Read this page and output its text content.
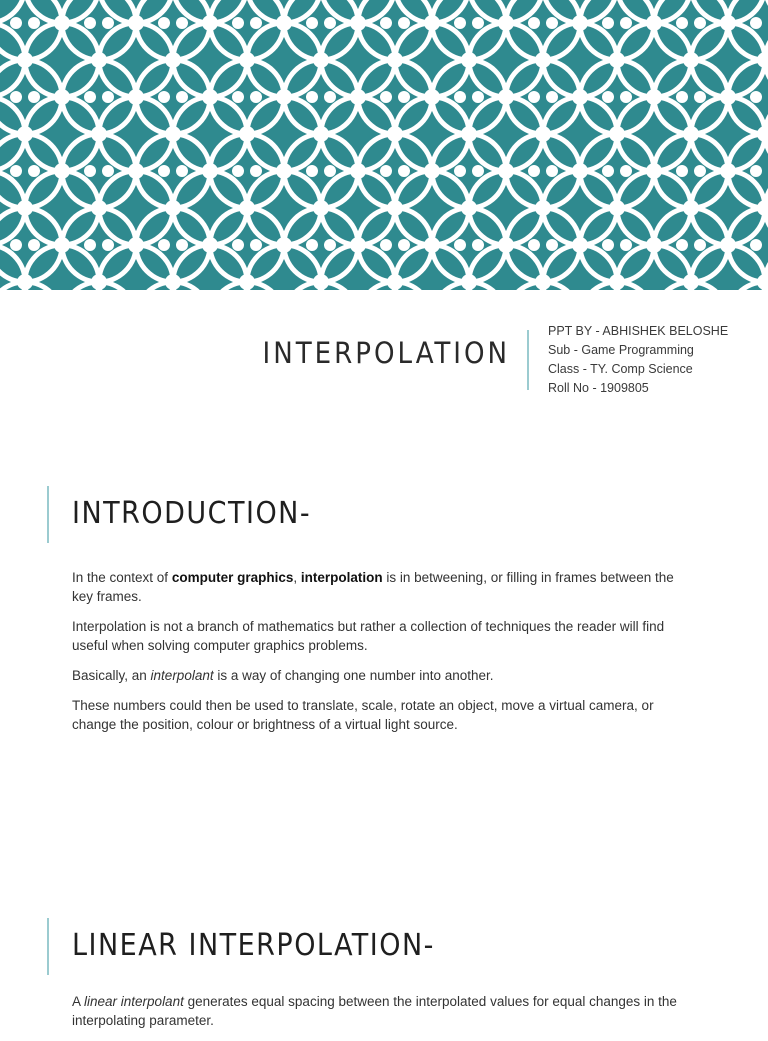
INTERPOLATION
PPT BY - ABHISHEK BELOSHE
Sub - Game Programming
Class - TY. Comp Science
Roll No - 1909805
INTRODUCTION-

In the context of computer graphics, interpolation is in betweening, or filling in frames between the key frames.

Interpolation is not a branch of mathematics but rather a collection of techniques the reader will find useful when solving computer graphics problems.

Basically, an interpolant is a way of changing one number into another.

These numbers could then be used to translate, scale, rotate an object, move a virtual camera, or change the position, colour or brightness of a virtual light source.

LINEAR INTERPOLATION-

A linear interpolant generates equal spacing between the interpolated values for equal changes in the interpolating parameter.
